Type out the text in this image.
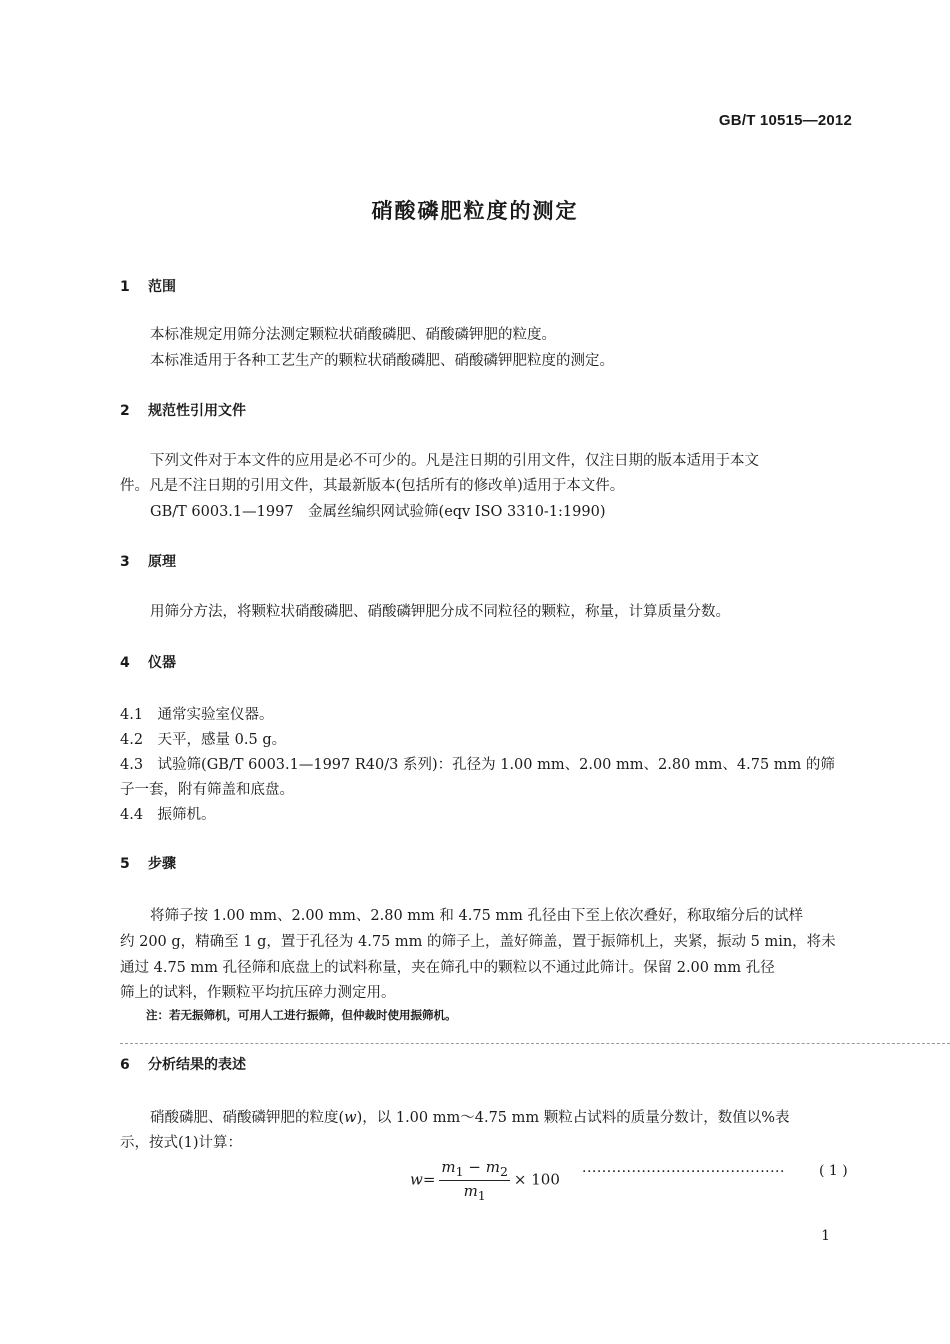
GB/T 10515—2012
硝酸磷肥粒度的测定
1 范围
本标准规定用筛分法测定颗粒状硝酸磷肥、硝酸磷钾肥的粒度。
本标准适用于各种工艺生产的颗粒状硝酸磷肥、硝酸磷钾肥粒度的测定。
2 规范性引用文件
下列文件对于本文件的应用是必不可少的。凡是注日期的引用文件，仅注日期的版本适用于本文
件。凡是不注日期的引用文件，其最新版本(包括所有的修改单)适用于本文件。
GB/T 6003.1—1997　金属丝编织网试验筛(eqv ISO 3310-1:1990)
3 原理
用筛分方法，将颗粒状硝酸磷肥、硝酸磷钾肥分成不同粒径的颗粒，称量，计算质量分数。
4 仪器
4.1　通常实验室仪器。
4.2　天平，感量 0.5 g。
4.3　试验筛(GB/T 6003.1—1997 R40/3 系列)：孔径为 1.00 mm、2.00 mm、2.80 mm、4.75 mm 的筛
子一套，附有筛盖和底盘。
4.4　振筛机。
5 步骤
将筛子按 1.00 mm、2.00 mm、2.80 mm 和 4.75 mm 孔径由下至上依次叠好，称取缩分后的试样
约 200 g，精确至 1 g，置于孔径为 4.75 mm 的筛子上，盖好筛盖，置于振筛机上，夹紧，振动 5 min，将未
通过 4.75 mm 孔径筛和底盘上的试料称量，夹在筛孔中的颗粒以不通过此筛计。保留 2.00 mm 孔径
筛上的试料，作颗粒平均抗压碎力测定用。
注：若无振筛机，可用人工进行振筛，但仲裁时使用振筛机。
6 分析结果的表述
硝酸磷肥、硝酸磷钾肥的粒度(w)，以 1.00 mm～4.75 mm 颗粒占试料的质量分数计，数值以%表
示，按式(1)计算：
$w= \frac{m_1 - m_2}{m_1} \times 100$ ········································· ( 1 )
1
